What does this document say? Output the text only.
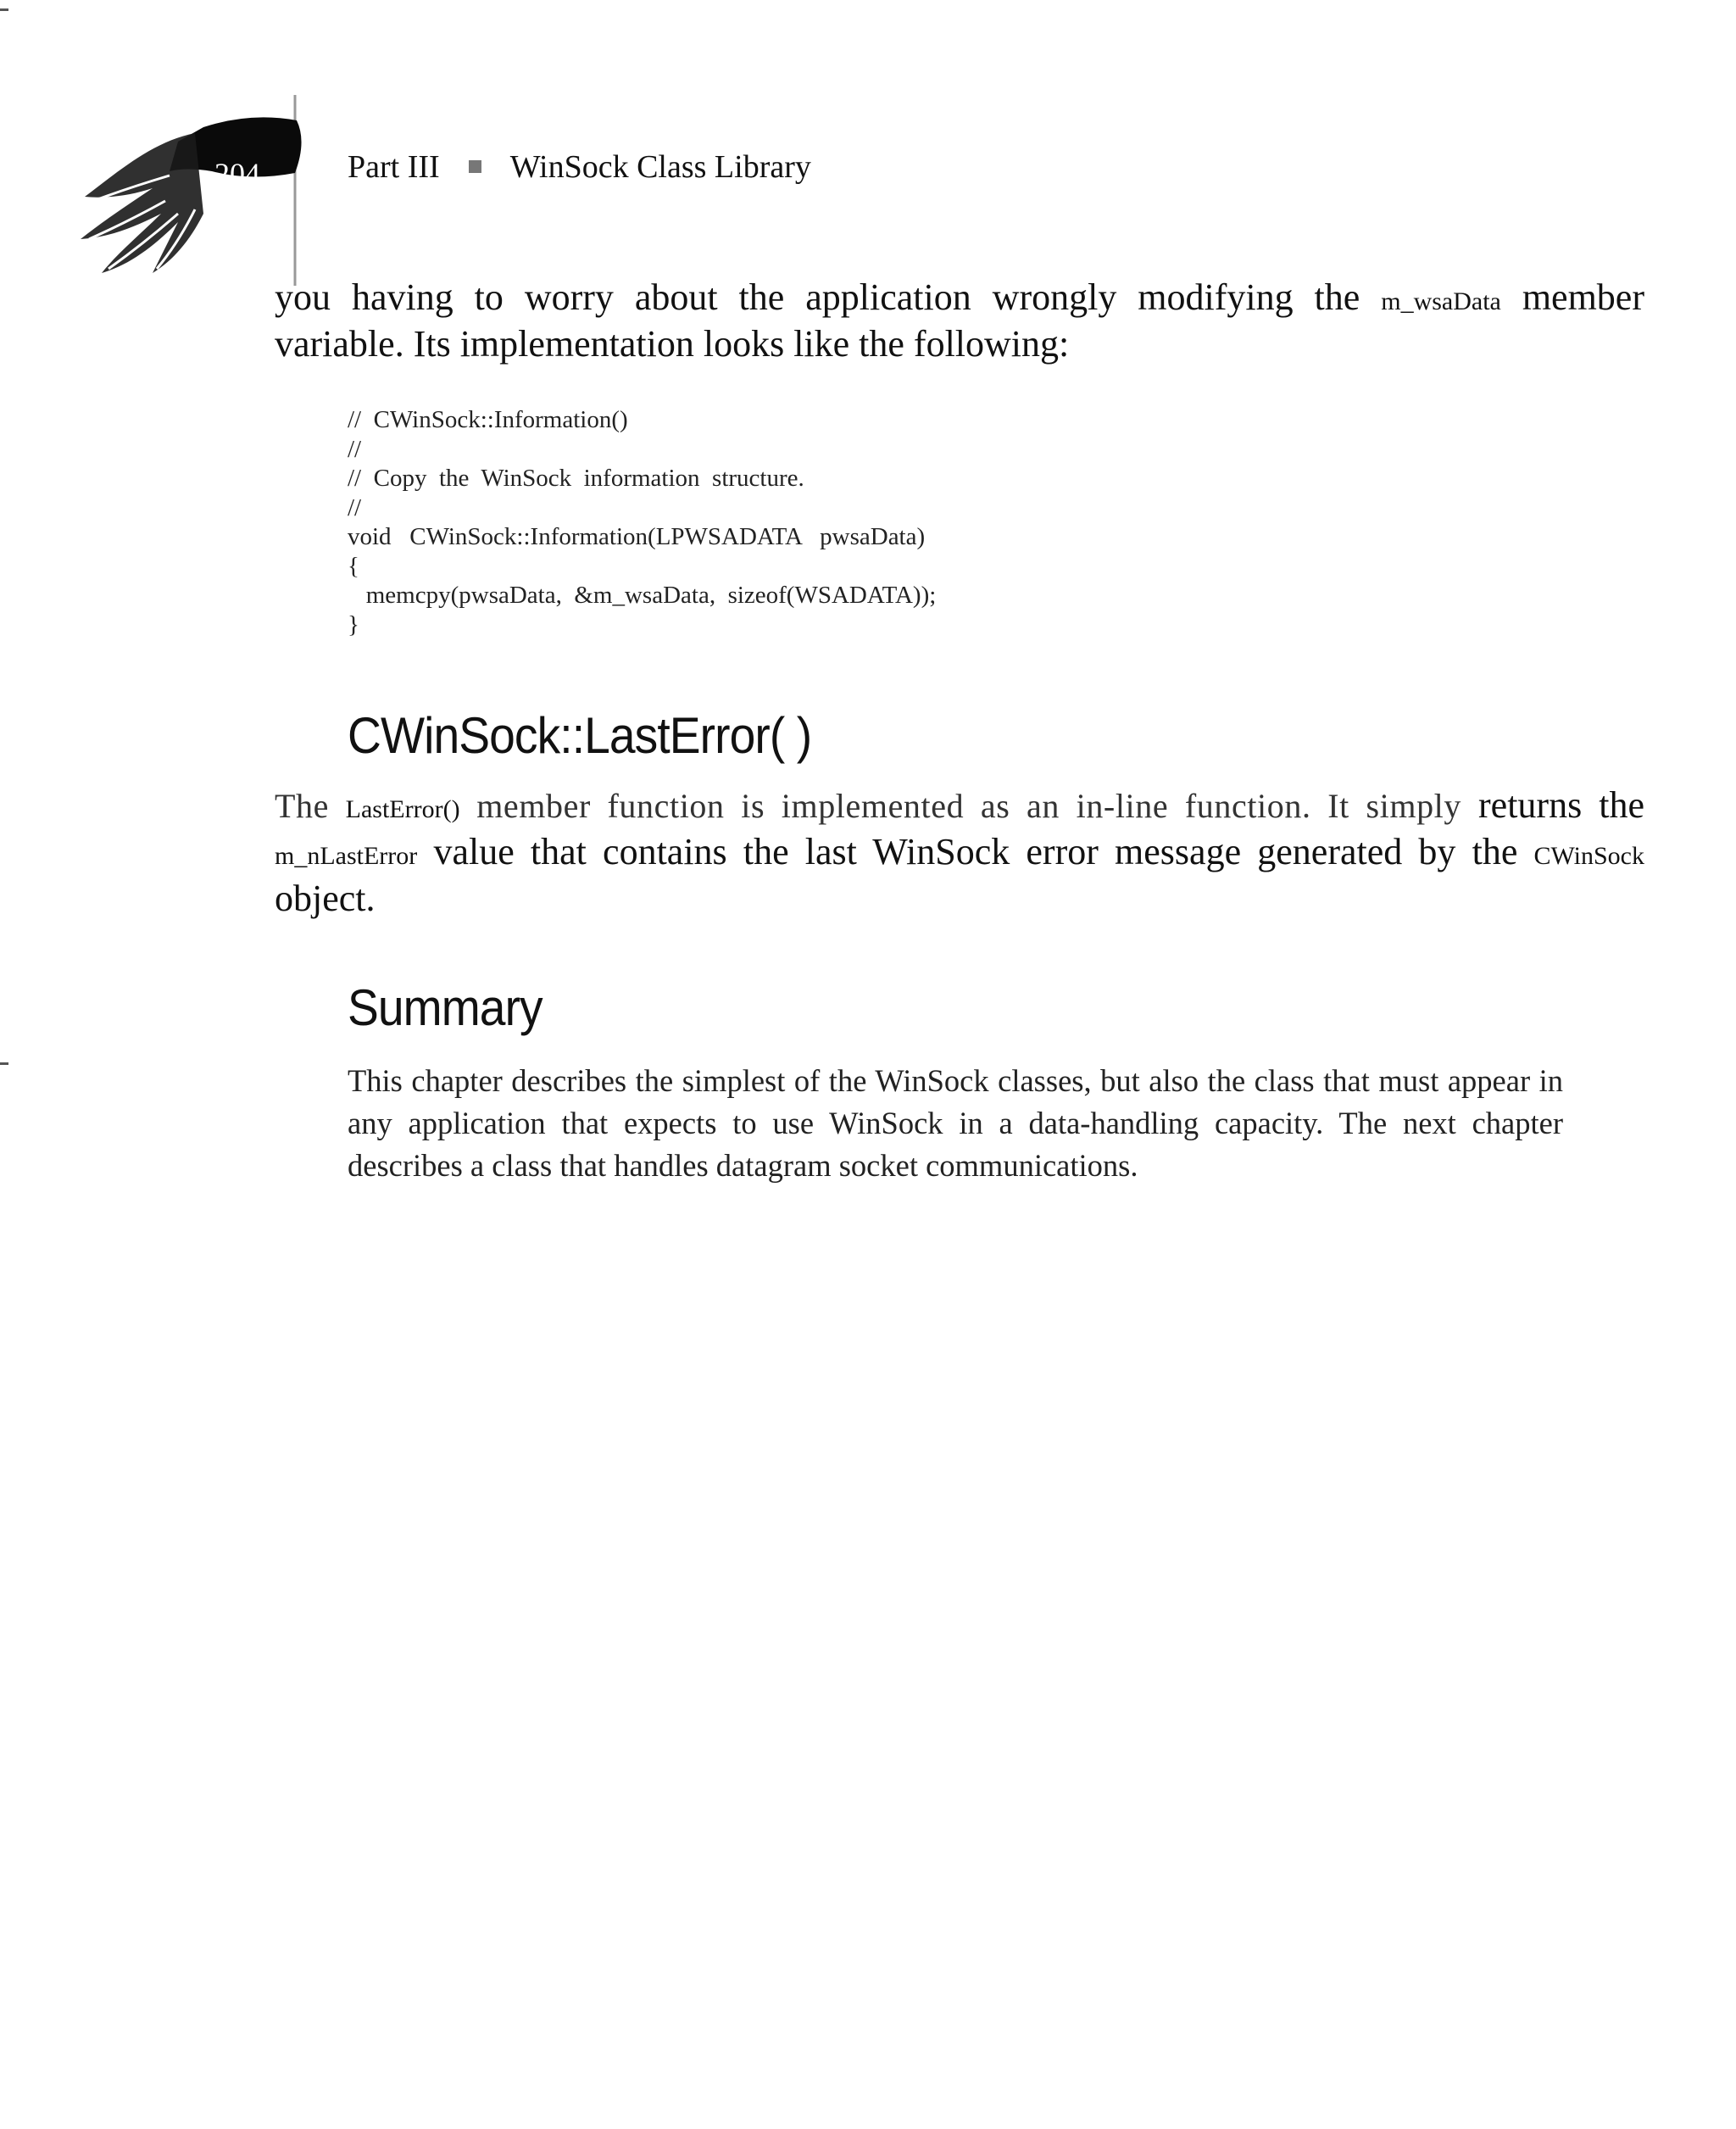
204	Part III WinSock Class Library
you having to worry about the application wrongly modifying the m_wsaData member variable. Its implementation looks like the following:
//  CWinSock::Information()
//
//  Copy  the  WinSock  information  structure.
//
void   CWinSock::Information(LPWSADATA   pwsaData)
{
memcpy(pwsaData,  &m_wsaData,  sizeof(WSADATA));
}
CWinSock::LastError( )
The LastError() member function is implemented as an in-line function. It simply returns the m_nLastError value that contains the last WinSock error message generated by the CWinSock object.
Summary
This chapter describes the simplest of the WinSock classes, but also the class that must appear in any application that expects to use WinSock in a data-handling capacity. The next chapter describes a class that handles datagram socket communications.
